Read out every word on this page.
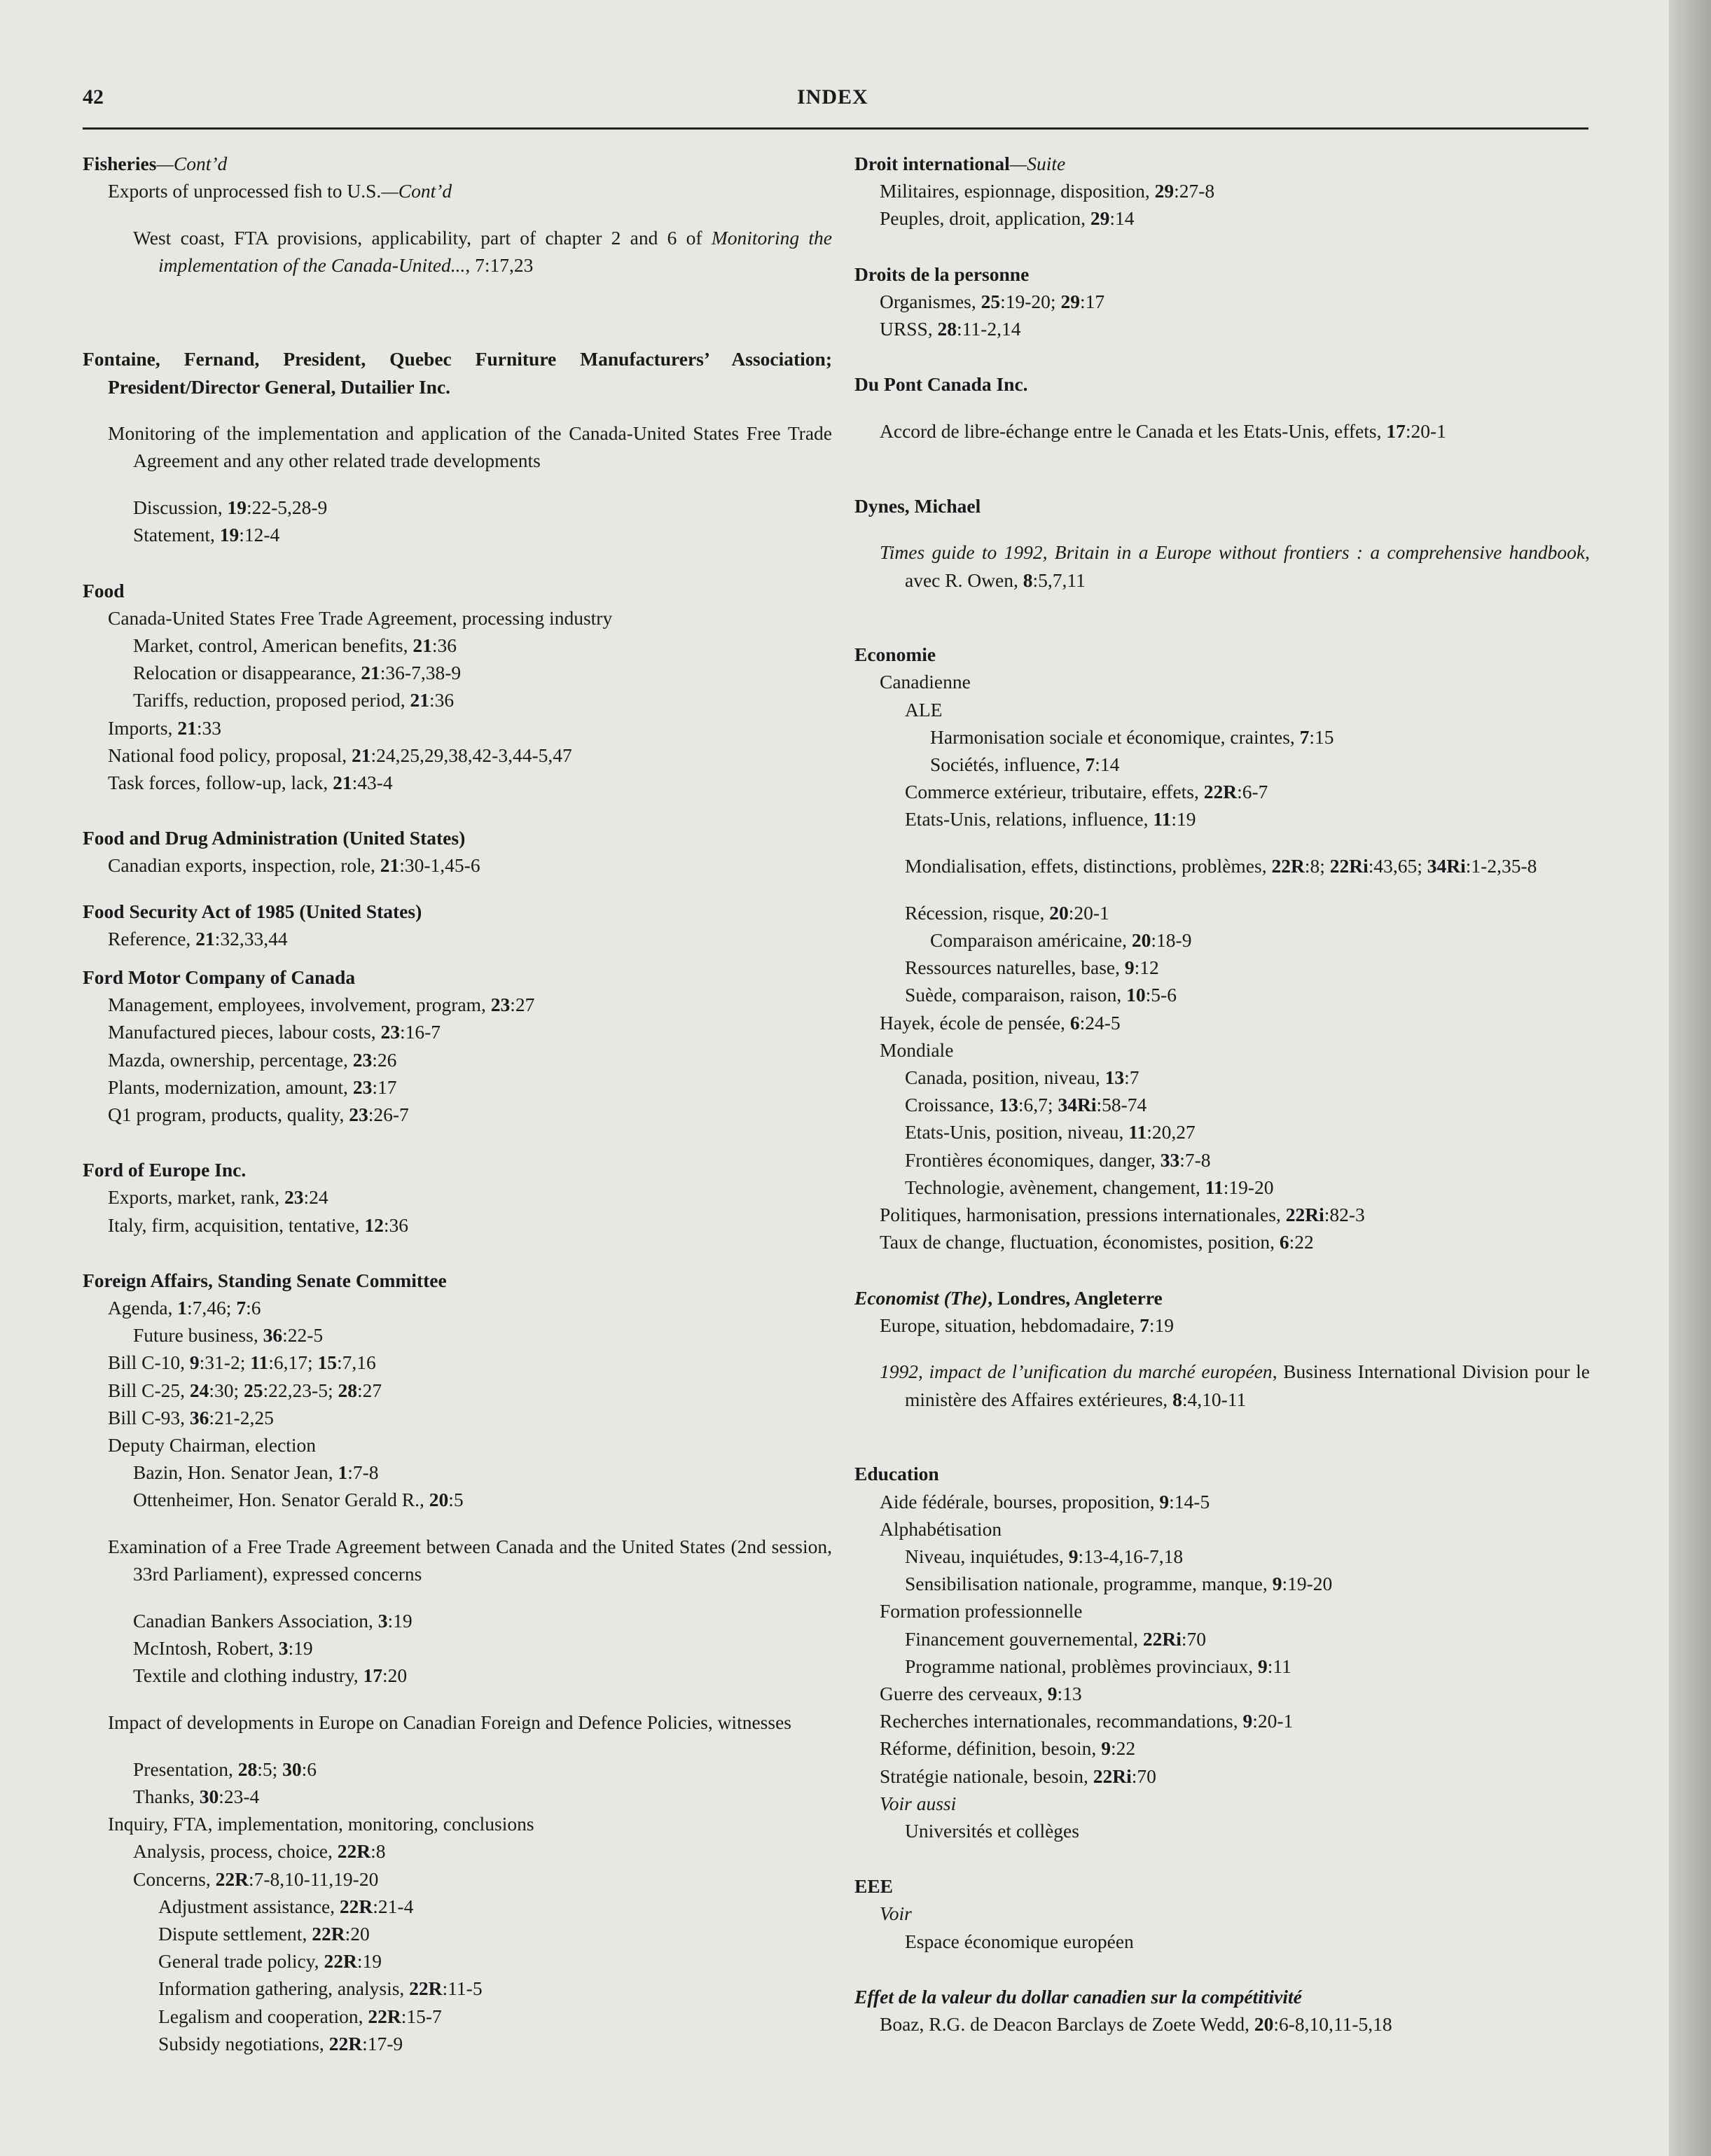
42	INDEX

Fisheries—Cont’d

Exports of unprocessed fish to U.S.—Cont’d

West coast, FTA provisions, applicability, part of chapter 2 and 6 of Monitoring the implementation of the Canada-United..., 7:17,23

Fontaine, Fernand, President, Quebec Furniture Manufacturers’ Association; President/Director General, Dutailier Inc.

Monitoring of the implementation and application of the Canada-United States Free Trade Agreement and any other related trade developments

Discussion, 19:22-5,28-9

Statement, 19:12-4

Food

Canada-United States Free Trade Agreement, processing industry

Market, control, American benefits, 21:36

Relocation or disappearance, 21:36-7,38-9

Tariffs, reduction, proposed period, 21:36

Imports, 21:33

National food policy, proposal, 21:24,25,29,38,42-3,44-5,47

Task forces, follow-up, lack, 21:43-4

Food and Drug Administration (United States)

Canadian exports, inspection, role, 21:30-1,45-6

Food Security Act of 1985 (United States)

Reference, 21:32,33,44

Ford Motor Company of Canada

Management, employees, involvement, program, 23:27

Manufactured pieces, labour costs, 23:16-7

Mazda, ownership, percentage, 23:26

Plants, modernization, amount, 23:17

Q1 program, products, quality, 23:26-7

Ford of Europe Inc.

Exports, market, rank, 23:24

Italy, firm, acquisition, tentative, 12:36

Foreign Affairs, Standing Senate Committee

Agenda, 1:7,46; 7:6

Future business, 36:22-5

Bill C-10, 9:31-2; 11:6,17; 15:7,16

Bill C-25, 24:30; 25:22,23-5; 28:27

Bill C-93, 36:21-2,25

Deputy Chairman, election

Bazin, Hon. Senator Jean, 1:7-8

Ottenheimer, Hon. Senator Gerald R., 20:5

Examination of a Free Trade Agreement between Canada and the United States (2nd session, 33rd Parliament), expressed concerns

Canadian Bankers Association, 3:19

McIntosh, Robert, 3:19

Textile and clothing industry, 17:20

Impact of developments in Europe on Canadian Foreign and Defence Policies, witnesses

Presentation, 28:5; 30:6

Thanks, 30:23-4

Inquiry, FTA, implementation, monitoring, conclusions

Analysis, process, choice, 22R:8

Concerns, 22R:7-8,10-11,19-20

Adjustment assistance, 22R:21-4

Dispute settlement, 22R:20

General trade policy, 22R:19

Information gathering, analysis, 22R:11-5

Legalism and cooperation, 22R:15-7

Subsidy negotiations, 22R:17-9

Droit international—Suite

Militaires, espionnage, disposition, 29:27-8

Peuples, droit, application, 29:14

Droits de la personne

Organismes, 25:19-20; 29:17

URSS, 28:11-2,14

Du Pont Canada Inc.

Accord de libre-échange entre le Canada et les Etats-Unis, effets, 17:20-1

Dynes, Michael

Times guide to 1992, Britain in a Europe without frontiers : a comprehensive handbook, avec R. Owen, 8:5,7,11

Economie

Canadienne

ALE

Harmonisation sociale et économique, craintes, 7:15

Sociétés, influence, 7:14

Commerce extérieur, tributaire, effets, 22R:6-7

Etats-Unis, relations, influence, 11:19

Mondialisation, effets, distinctions, problèmes, 22R:8; 22Ri:43,65; 34Ri:1-2,35-8

Récession, risque, 20:20-1

Comparaison américaine, 20:18-9

Ressources naturelles, base, 9:12

Suède, comparaison, raison, 10:5-6

Hayek, école de pensée, 6:24-5

Mondiale

Canada, position, niveau, 13:7

Croissance, 13:6,7; 34Ri:58-74

Etats-Unis, position, niveau, 11:20,27

Frontières économiques, danger, 33:7-8

Technologie, avènement, changement, 11:19-20

Politiques, harmonisation, pressions internationales, 22Ri:82-3

Taux de change, fluctuation, économistes, position, 6:22

Economist (The), Londres, Angleterre

Europe, situation, hebdomadaire, 7:19

1992, impact de l’unification du marché européen, Business International Division pour le ministère des Affaires extérieures, 8:4,10-11

Education

Aide fédérale, bourses, proposition, 9:14-5

Alphabétisation

Niveau, inquiétudes, 9:13-4,16-7,18

Sensibilisation nationale, programme, manque, 9:19-20

Formation professionnelle

Financement gouvernemental, 22Ri:70

Programme national, problèmes provinciaux, 9:11

Guerre des cerveaux, 9:13

Recherches internationales, recommandations, 9:20-1

Réforme, définition, besoin, 9:22

Stratégie nationale, besoin, 22Ri:70

Voir aussi

Universités et collèges

EEE

Voir

Espace économique européen

Effet de la valeur du dollar canadien sur la compétitivité

Boaz, R.G. de Deacon Barclays de Zoete Wedd, 20:6-8,10,11-5,18
